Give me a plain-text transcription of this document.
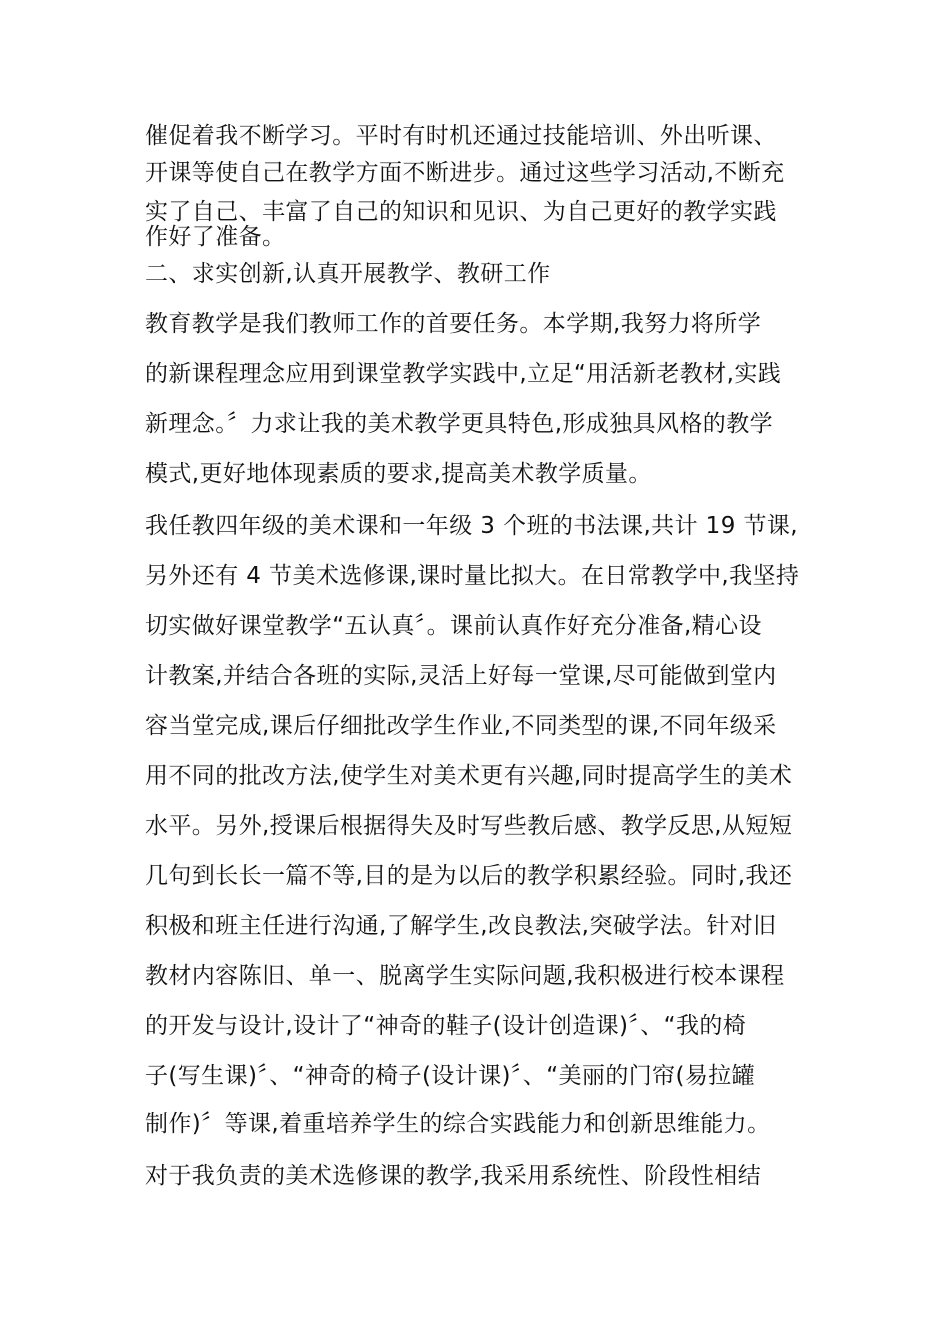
催促着我不断学习。平时有时机还通过技能培训、外出听课、
开课等使自己在教学方面不断进步。通过这些学习活动,不断充
实了自己、丰富了自己的知识和见识、为自己更好的教学实践
作好了准备。
二、求实创新,认真开展教学、教研工作
教育教学是我们教师工作的首要任务。本学期,我努力将所学
的新课程理念应用到课堂教学实践中,立足“用活新老教材,实践
新理念。〞力求让我的美术教学更具特色,形成独具风格的教学
模式,更好地体现素质的要求,提高美术教学质量。
我任教四年级的美术课和一年级 3 个班的书法课,共计 19 节课,
另外还有 4 节美术选修课,课时量比拟大。在日常教学中,我坚持
切实做好课堂教学“五认真〞。课前认真作好充分准备,精心设
计教案,并结合各班的实际,灵活上好每一堂课,尽可能做到堂内
容当堂完成,课后仔细批改学生作业,不同类型的课,不同年级采
用不同的批改方法,使学生对美术更有兴趣,同时提高学生的美术
水平。另外,授课后根据得失及时写些教后感、教学反思,从短短
几句到长长一篇不等,目的是为以后的教学积累经验。同时,我还
积极和班主任进行沟通,了解学生,改良教法,突破学法。针对旧
教材内容陈旧、单一、脱离学生实际问题,我积极进行校本课程
的开发与设计,设计了“神奇的鞋子(设计创造课)〞、“我的椅
子(写生课)〞、“神奇的椅子(设计课)〞、“美丽的门帘(易拉罐
制作)〞等课,着重培养学生的综合实践能力和创新思维能力。
对于我负责的美术选修课的教学,我采用系统性、阶段性相结
